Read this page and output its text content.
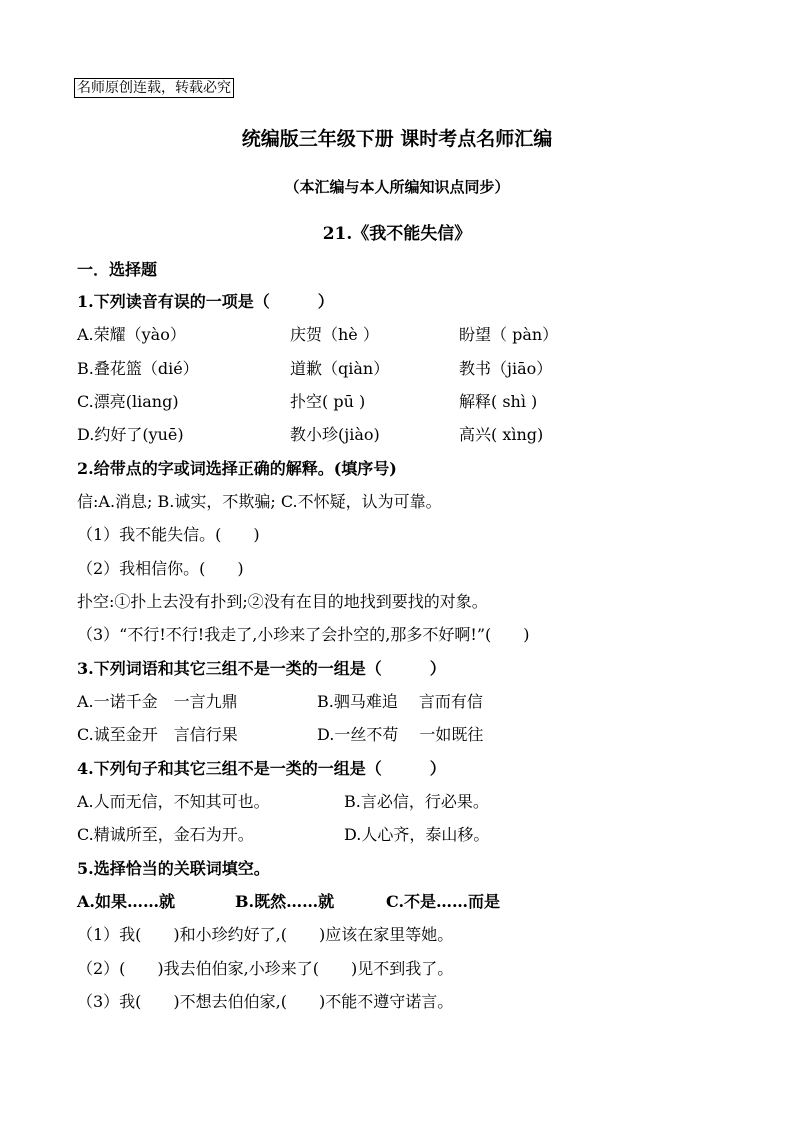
名师原创连载，转载必究
统编版三年级下册 课时考点名师汇编
（本汇编与本人所编知识点同步）
21.《我不能失信》
一．选择题
1.下列读音有误的一项是（　　　）
A.荣耀（yào）	庆贺（hè ）	盼望（ pàn）
B.叠花篮（dié）	道歉（qiàn）	教书（jiāo）
C.漂亮(liang)	扑空( pū )	解释( shì )
D.约好了(yuē)	教小珍(jiào)	高兴( xìng)
2.给带点的字或词选择正确的解释。(填序号)
信:A.消息; B.诚实，不欺骗; C.不怀疑，认为可靠。
（1）我不能失信。(　　)
（2）我相信你。(　　)
扑空:①扑上去没有扑到;②没有在目的地找到要找的对象。
（3）“不行!不行!我走了,小珍来了会扑空的,那多不好啊!”(　　)
3.下列词语和其它三组不是一类的一组是（　　　）
A.一诺千金　一言九鼎	B.驷马难追　 言而有信
C.诚至金开　言信行果	D.一丝不苟　 一如既往
4.下列句子和其它三组不是一类的一组是（　　　）
A.人而无信，不知其可也。	B.言必信，行必果。
C.精诚所至，金石为开。	D.人心齐，泰山移。
5.选择恰当的关联词填空。
A.如果……就	B.既然……就	C.不是……而是
（1）我(　　)和小珍约好了,(　　)应该在家里等她。
（2）(　　)我去伯伯家,小珍来了(　　)见不到我了。
（3）我(　　)不想去伯伯家,(　　)不能不遵守诺言。
